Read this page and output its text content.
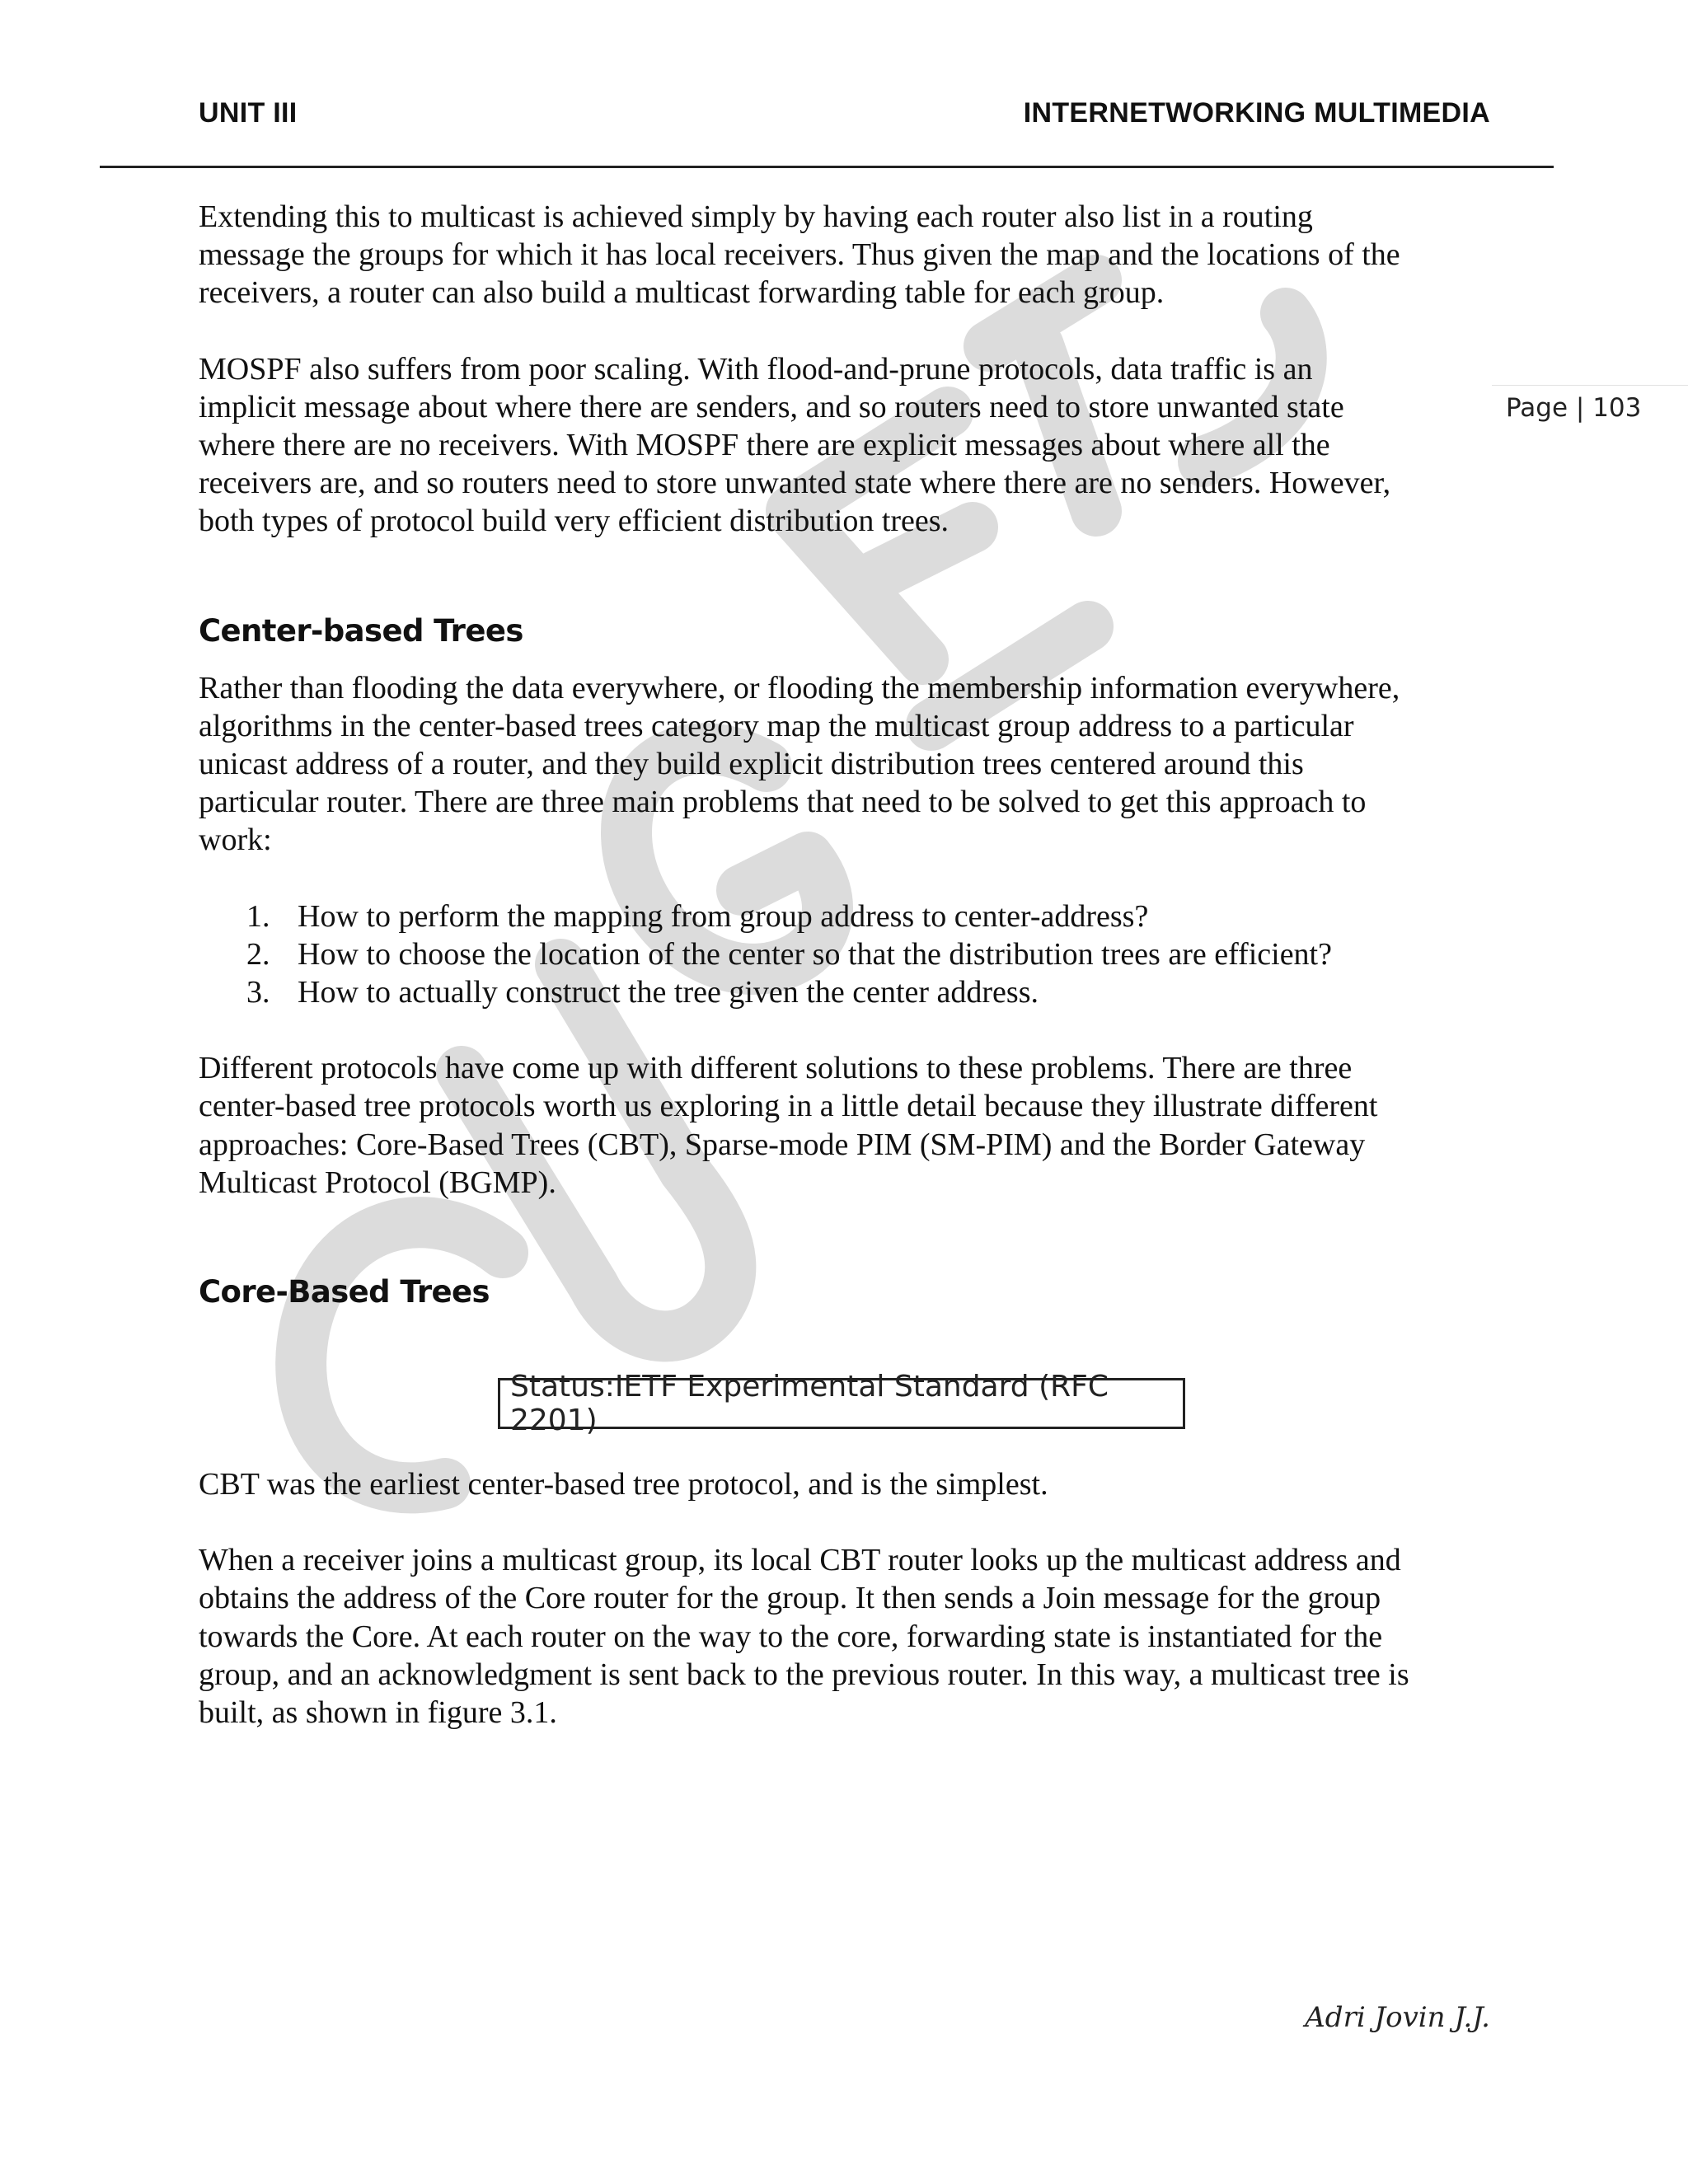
UNIT III	INTERNETWORKING MULTIMEDIA
Page | 103

Extending this to multicast is achieved simply by having each router also list in a routing
message the groups for which it has local receivers. Thus given the map and the locations of the
receivers, a router can also build a multicast forwarding table for each group.

MOSPF also suffers from poor scaling. With flood-and-prune protocols, data traffic is an
implicit message about where there are senders, and so routers need to store unwanted state
where there are no receivers. With MOSPF there are explicit messages about where all the
receivers are, and so routers need to store unwanted state where there are no senders. However,
both types of protocol build very efficient distribution trees.

Center-based Trees

Rather than flooding the data everywhere, or flooding the membership information everywhere,
algorithms in the center-based trees category map the multicast group address to a particular
unicast address of a router, and they build explicit distribution trees centered around this
particular router. There are three main problems that need to be solved to get this approach to
work:

1. How to perform the mapping from group address to center-address?
2. How to choose the location of the center so that the distribution trees are efficient?
3. How to actually construct the tree given the center address.

Different protocols have come up with different solutions to these problems. There are three
center-based tree protocols worth us exploring in a little detail because they illustrate different
approaches: Core-Based Trees (CBT), Sparse-mode PIM (SM-PIM) and the Border Gateway
Multicast Protocol (BGMP).

Core-Based Trees
Status:IETF Experimental Standard (RFC 2201)

CBT was the earliest center-based tree protocol, and is the simplest.

When a receiver joins a multicast group, its local CBT router looks up the multicast address and
obtains the address of the Core router for the group. It then sends a Join message for the group
towards the Core. At each router on the way to the core, forwarding state is instantiated for the
group, and an acknowledgment is sent back to the previous router. In this way, a multicast tree is
built, as shown in figure 3.1.

Adri Jovin J.J.
